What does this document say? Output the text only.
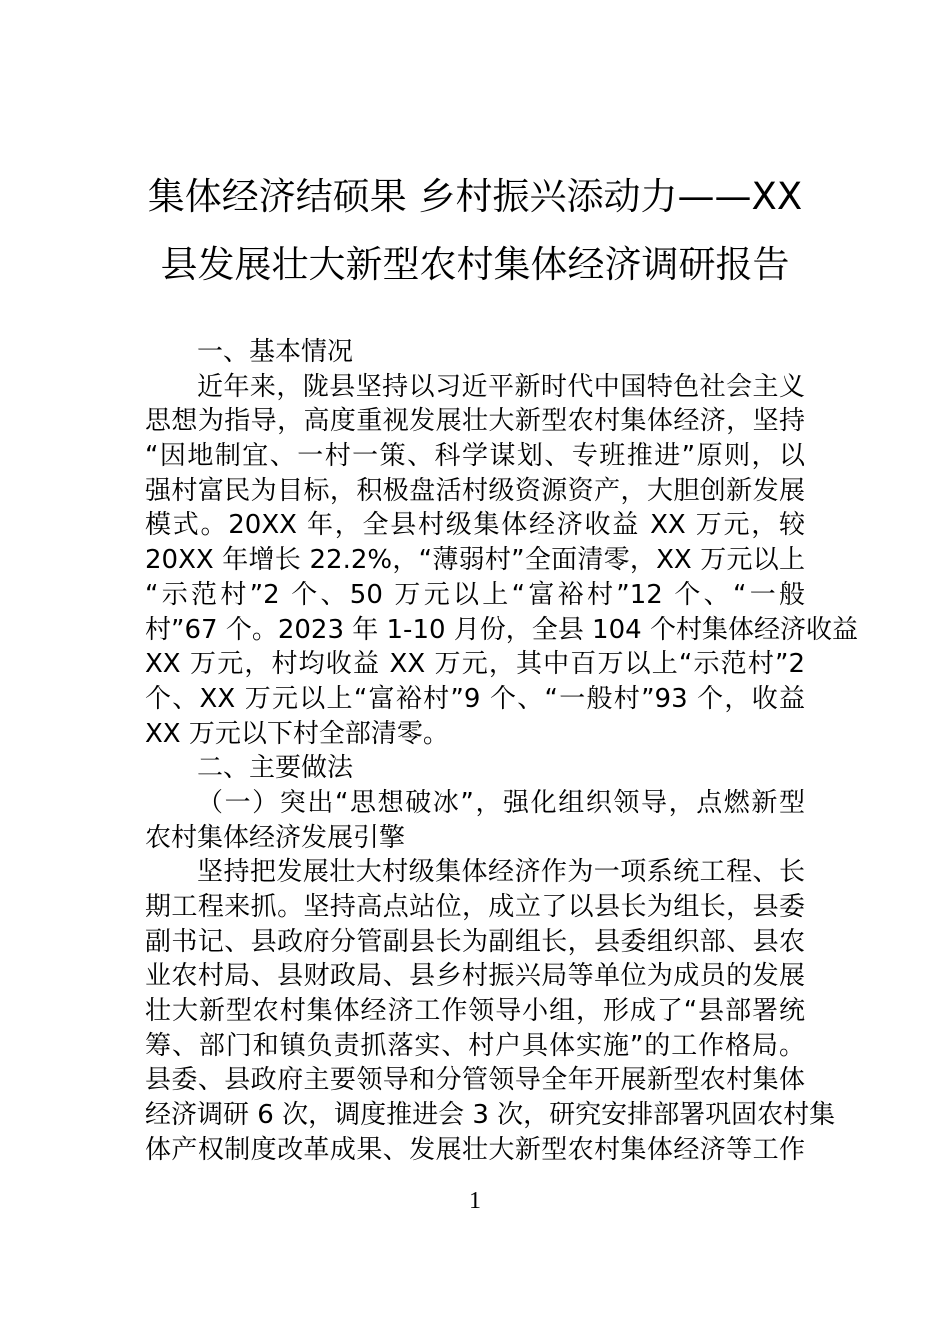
集体经济结硕果 乡村振兴添动力——XX
县发展壮大新型农村集体经济调研报告
一、基本情况
近年来，陇县坚持以习近平新时代中国特色社会主义
思想为指导，高度重视发展壮大新型农村集体经济，坚持
“因地制宜、一村一策、科学谋划、专班推进”原则，以
强村富民为目标，积极盘活村级资源资产，大胆创新发展
模式。20XX 年，全县村级集体经济收益 XX 万元，较
20XX 年增长 22.2%，“薄弱村”全面清零，XX 万元以上
“示范村”2 个、50 万元以上“富裕村”12 个、“一般
村”67 个。2023 年 1-10 月份，全县 104 个村集体经济收益
XX 万元，村均收益 XX 万元，其中百万以上“示范村”2
个、XX 万元以上“富裕村”9 个、“一般村”93 个，收益
XX 万元以下村全部清零。
二、主要做法
（一）突出“思想破冰”，强化组织领导，点燃新型
农村集体经济发展引擎
坚持把发展壮大村级集体经济作为一项系统工程、长
期工程来抓。坚持高点站位，成立了以县长为组长，县委
副书记、县政府分管副县长为副组长，县委组织部、县农
业农村局、县财政局、县乡村振兴局等单位为成员的发展
壮大新型农村集体经济工作领导小组，形成了“县部署统
筹、部门和镇负责抓落实、村户具体实施”的工作格局。
县委、县政府主要领导和分管领导全年开展新型农村集体
经济调研 6 次，调度推进会 3 次，研究安排部署巩固农村集
体产权制度改革成果、发展壮大新型农村集体经济等工作
1
